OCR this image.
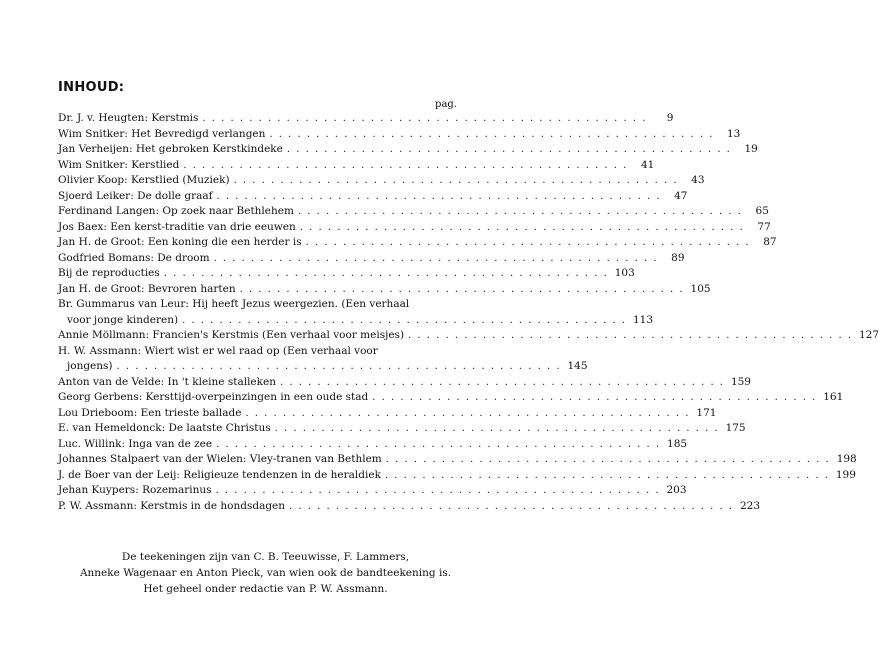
INHOUD:
pag.
Dr. J. v. Heugten: Kerstmis . . .	9
Wim Snitker: Het Bevredigd verlangen . . .	13
Jan Verheijen: Het gebroken Kerstkindeke . . .	19
Wim Snitker: Kerstlied . . .	41
Olivier Koop: Kerstlied (Muziek) . . .	43
Sjoerd Leiker: De dolle graaf . . .	47
Ferdinand Langen: Op zoek naar Bethlehem . . .	65
Jos Baex: Een kerst-traditie van drie eeuwen . . .	77
Jan H. de Groot: Een koning die een herder is . . .	87
Godfried Bomans: De droom . . .	89
Bij de reproducties . . .	103
Jan H. de Groot: Bevroren harten . . .	105
Br. Gummarus van Leur: Hij heeft Jezus weergezien. (Een verhaal
voor jonge kinderen) . . .	113
Annie Möllmann: Francien's Kerstmis (Een verhaal voor meisjes) . . .	127
H. W. Assmann: Wiert wist er wel raad op (Een verhaal voor
jongens) . . .	145
Anton van de Velde: In 't kleine stalleken . . .	159
Georg Gerbens: Kersttijd-overpeinzingen in een oude stad . . .	161
Lou Drieboom: Een trieste ballade . . .	171
E. van Hemeldonck: De laatste Christus . . .	175
Luc. Willink: Inga van de zee . . .	185
Johannes Stalpaert van der Wielen: Vley-tranen van Bethlem . . .	198
J. de Boer van der Leij: Religieuze tendenzen in de heraldiek . . .	199
Jehan Kuypers: Rozemarinus . . .	203
P. W. Assmann: Kerstmis in de hondsdagen . . .	223
De teekeningen zijn van C. B. Teeuwisse, F. Lammers,
Anneke Wagenaar en Anton Pieck, van wien ook de bandteekening is.
Het geheel onder redactie van P. W. Assmann.
